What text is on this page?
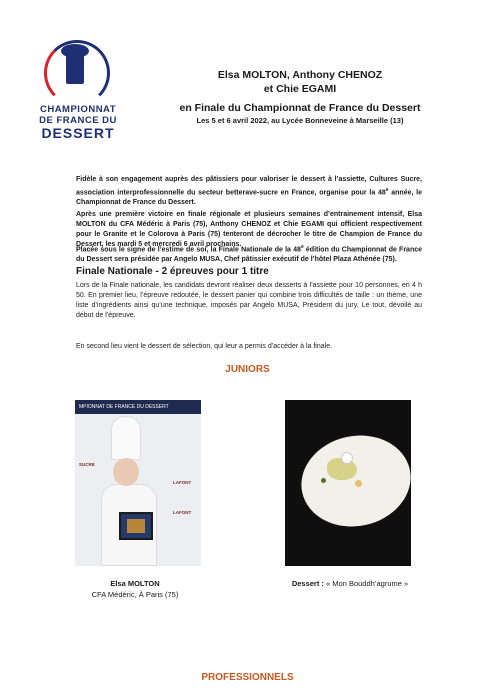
CHAMPIONNAT
DE FRANCE DU
DESSERT
Elsa MOLTON, Anthony CHENOZ
et Chie EGAMI
en Finale du Championnat de France du Dessert
Les 5 et 6 avril 2022, au Lycée Bonneveine à Marseille (13)

Fidèle à son engagement auprès des pâtissiers pour valoriser le dessert à l’assiette, Cultures Sucre, association interprofessionnelle du secteur betterave-sucre en France, organise pour la 48e année, le Championnat de France du Dessert.

Après une première victoire en finale régionale et plusieurs semaines d’entrainement intensif, Elsa MOLTON du CFA Médéric à Paris (75), Anthony CHENOZ et Chie EGAMI qui officient respectivement pour le Granite et le Colorova à Paris (75) tenteront de décrocher le titre de Champion de France du Dessert, les mardi 5 et mercredi 6 avril prochains.

Placée sous le signe de l’estime de soi, la Finale Nationale de la 48e édition du Championnat de France du Dessert sera présidée par Angelo MUSA, Chef pâtissier exécutif de l’hôtel Plaza Athénée (75).

Finale Nationale - 2 épreuves pour 1 titre

Lors de la Finale nationale, les candidats devront réaliser deux desserts à l’assiette pour 10 personnes, en 4 h 50. En premier lieu, l’épreuve redoutée, le dessert panier qui combine trois difficultés de taille : un thème, une liste d’ingrédients ainsi qu’une technique, imposés par Angelo MUSA, Président du jury. Le tout, dévoilé au début de l’épreuve.

En second lieu vient le dessert de sélection, qui leur a permis d’accéder à la finale.

JUNIORS
MPIONNAT DE FRANCE DU DESSERT
SUCRE
LAFONT
LAFONT
Elsa MOLTON
CFA Médéric, À Paris (75)
Dessert : « Mon Bouddh’agrume »
PROFESSIONNELS
